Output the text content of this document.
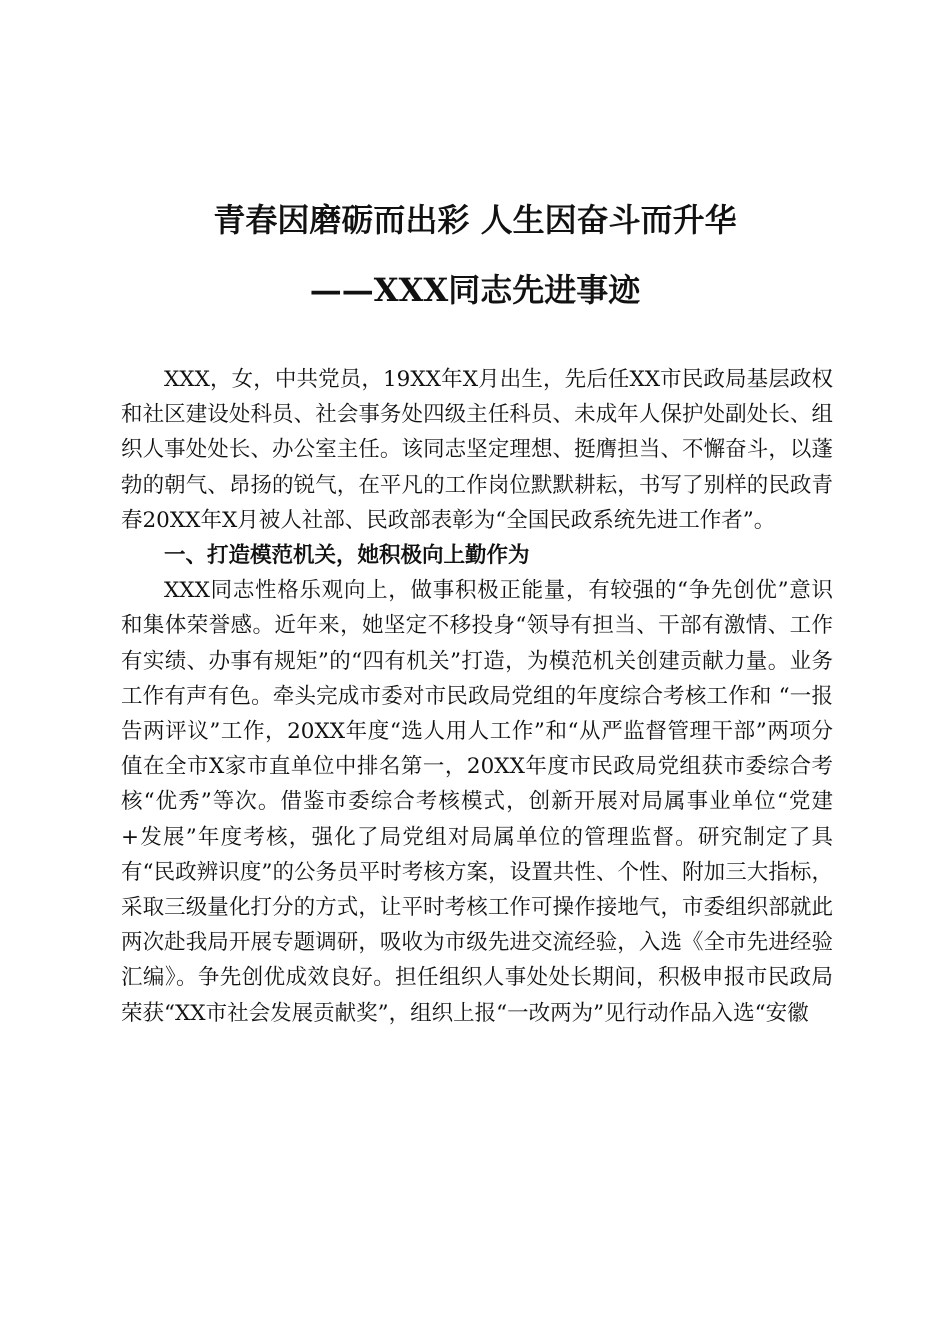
青春因磨砺而出彩 人生因奋斗而升华
——XXX同志先进事迹

XXX，女，中共党员，19XX年X月出生，先后任XX市民政局基层政权和社区建设处科员、社会事务处四级主任科员、未成年人保护处副处长、组织人事处处长、办公室主任。该同志坚定理想、挺膺担当、不懈奋斗，以蓬勃的朝气、昂扬的锐气，在平凡的工作岗位默默耕耘，书写了别样的民政青春20XX年X月被人社部、民政部表彰为“全国民政系统先进工作者”。

一、打造模范机关，她积极向上勤作为

XXX同志性格乐观向上，做事积极正能量，有较强的“争先创优”意识和集体荣誉感。近年来，她坚定不移投身“领导有担当、干部有激情、工作有实绩、办事有规矩”的“四有机关”打造，为模范机关创建贡献力量。业务工作有声有色。牵头完成市委对市民政局党组的年度综合考核工作和 “一报告两评议”工作，20XX年度“选人用人工作”和“从严监督管理干部”两项分值在全市X家市直单位中排名第一，20XX年度市民政局党组获市委综合考核“优秀”等次。借鉴市委综合考核模式，创新开展对局属事业单位“党建+发展”年度考核，强化了局党组对局属单位的管理监督。研究制定了具有“民政辨识度”的公务员平时考核方案，设置共性、个性、附加三大指标，采取三级量化打分的方式，让平时考核工作可操作接地气，市委组织部就此两次赴我局开展专题调研，吸收为市级先进交流经验，入选《全市先进经验汇编》。争先创优成效良好。担任组织人事处处长期间，积极申报市民政局荣获“XX市社会发展贡献奖”，组织上报“一改两为”见行动作品入选“安徽
